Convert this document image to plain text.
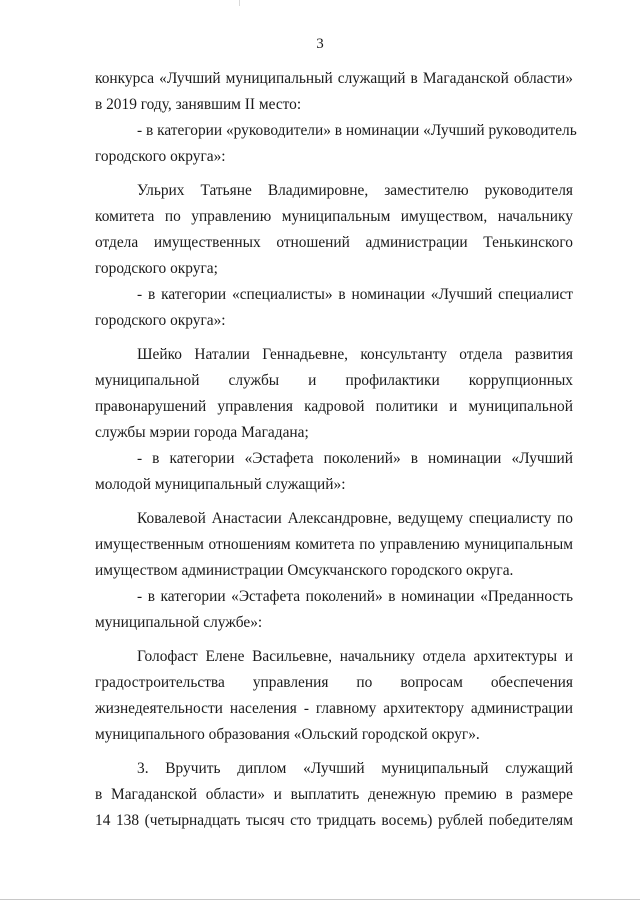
3
конкурса «Лучший муниципальный служащий в Магаданской области»
в 2019 году, занявшим II место:
- в категории «руководители» в номинации «Лучший руководитель
городского округа»:
Ульрих Татьяне Владимировне, заместителю руководителя
комитета по управлению муниципальным имуществом, начальнику
отдела имущественных отношений администрации Тенькинского
городского округа;
- в категории «специалисты» в номинации «Лучший специалист
городского округа»:
Шейко Наталии Геннадьевне, консультанту отдела развития
муниципальной службы и профилактики коррупционных
правонарушений управления кадровой политики и муниципальной
службы мэрии города Магадана;
- в категории «Эстафета поколений» в номинации «Лучший
молодой муниципальный служащий»:
Ковалевой Анастасии Александровне, ведущему специалисту по
имущественным отношениям комитета по управлению муниципальным
имуществом администрации Омсукчанского городского округа.
- в категории «Эстафета поколений» в номинации «Преданность
муниципальной службе»:
Голофаст Елене Васильевне, начальнику отдела архитектуры и
градостроительства управления по вопросам обеспечения
жизнедеятельности населения - главному архитектору администрации
муниципального образования «Ольский городской округ».
3. Вручить диплом «Лучший муниципальный служащий
в Магаданской области» и выплатить денежную премию в размере
14 138 (четырнадцать тысяч сто тридцать восемь) рублей победителям
